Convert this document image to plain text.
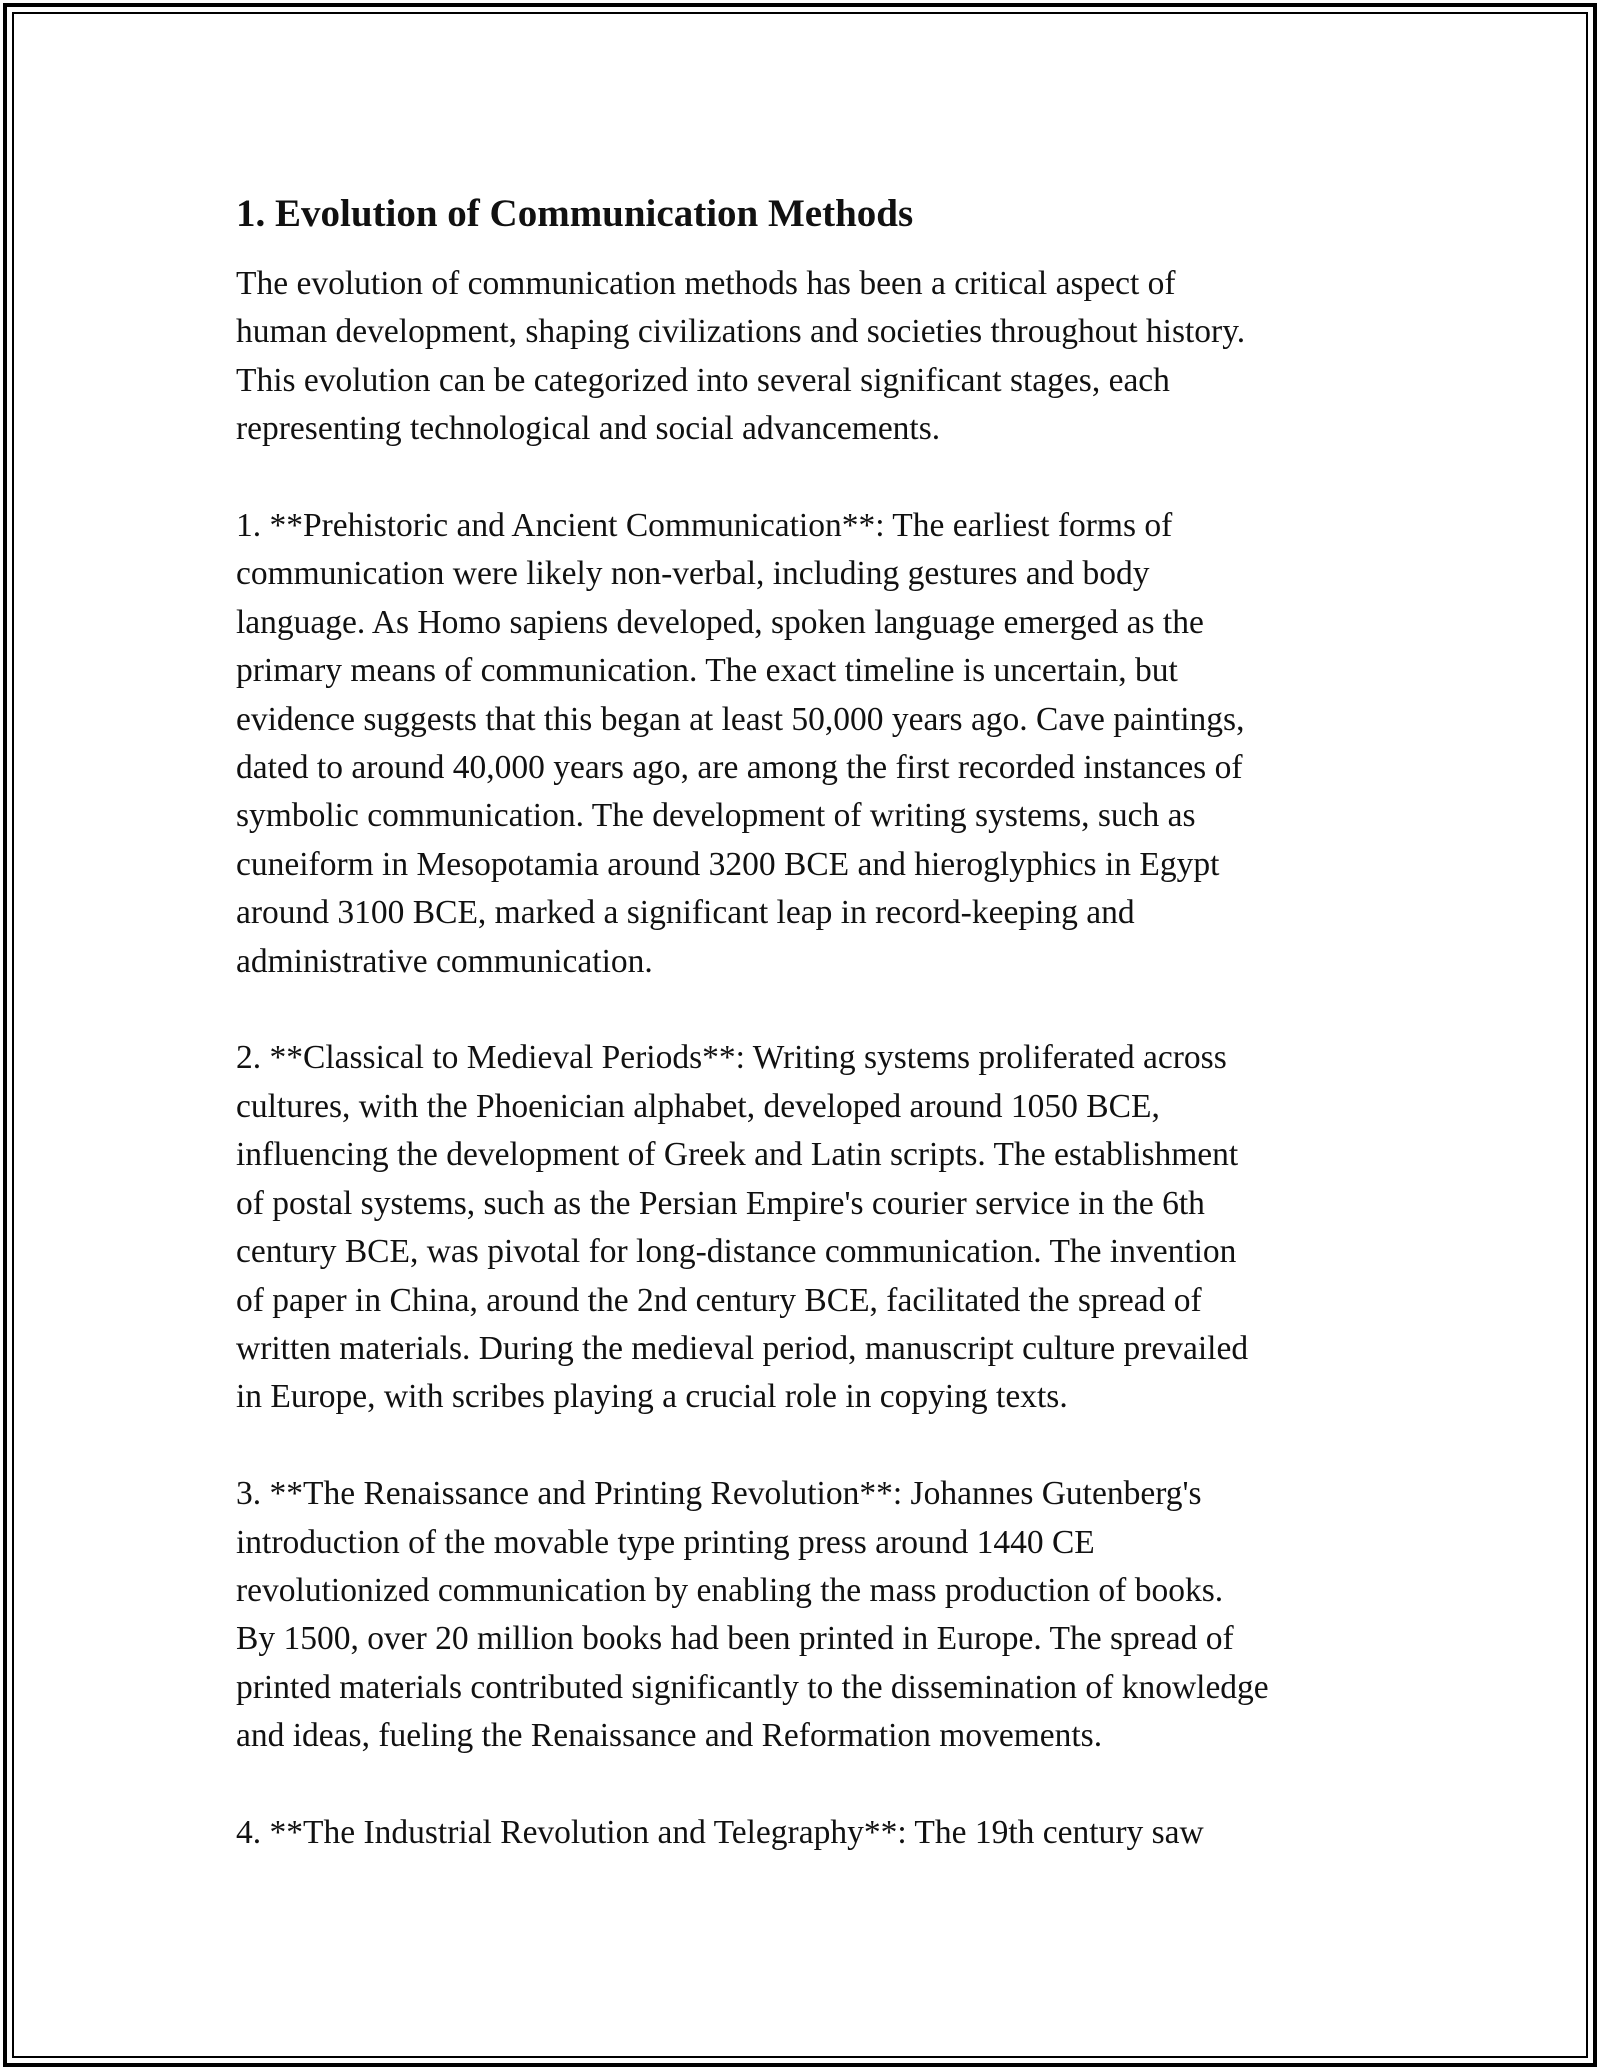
1. Evolution of Communication Methods
The evolution of communication methods has been a critical aspect of
human development, shaping civilizations and societies throughout history.
This evolution can be categorized into several significant stages, each
representing technological and social advancements.
1. **Prehistoric and Ancient Communication**: The earliest forms of
communication were likely non-verbal, including gestures and body
language. As Homo sapiens developed, spoken language emerged as the
primary means of communication. The exact timeline is uncertain, but
evidence suggests that this began at least 50,000 years ago. Cave paintings,
dated to around 40,000 years ago, are among the first recorded instances of
symbolic communication. The development of writing systems, such as
cuneiform in Mesopotamia around 3200 BCE and hieroglyphics in Egypt
around 3100 BCE, marked a significant leap in record-keeping and
administrative communication.
2. **Classical to Medieval Periods**: Writing systems proliferated across
cultures, with the Phoenician alphabet, developed around 1050 BCE,
influencing the development of Greek and Latin scripts. The establishment
of postal systems, such as the Persian Empire's courier service in the 6th
century BCE, was pivotal for long-distance communication. The invention
of paper in China, around the 2nd century BCE, facilitated the spread of
written materials. During the medieval period, manuscript culture prevailed
in Europe, with scribes playing a crucial role in copying texts.
3. **The Renaissance and Printing Revolution**: Johannes Gutenberg's
introduction of the movable type printing press around 1440 CE
revolutionized communication by enabling the mass production of books.
By 1500, over 20 million books had been printed in Europe. The spread of
printed materials contributed significantly to the dissemination of knowledge
and ideas, fueling the Renaissance and Reformation movements.
4. **The Industrial Revolution and Telegraphy**: The 19th century saw
